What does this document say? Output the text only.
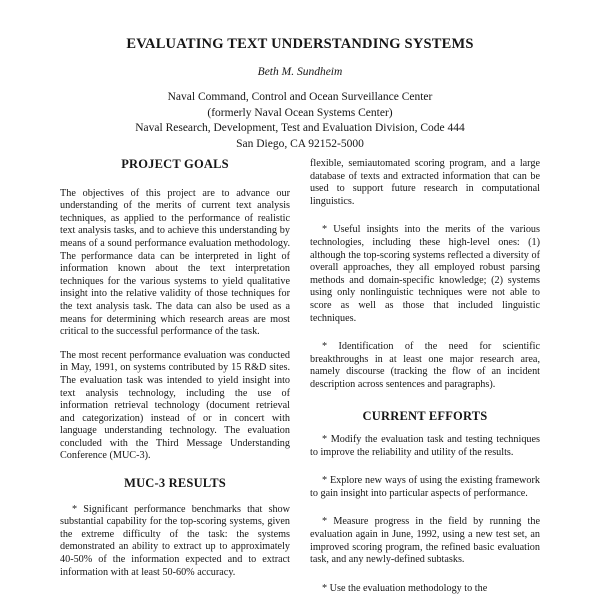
EVALUATING TEXT UNDERSTANDING SYSTEMS
Beth M. Sundheim
Naval Command, Control and Ocean Surveillance Center
(formerly Naval Ocean Systems Center)
Naval Research, Development, Test and Evaluation Division, Code 444
San Diego, CA 92152-5000
PROJECT GOALS

The objectives of this project are to advance our understanding of the merits of current text analysis techniques, as applied to the performance of realistic text analysis tasks, and to achieve this understanding by means of a sound performance evaluation methodology. The performance data can be interpreted in light of information known about the text interpretation techniques for the various systems to yield qualitative insight into the relative validity of those techniques for the text analysis task. The data can also be used as a means for determining which research areas are most critical to the successful performance of the task.

The most recent performance evaluation was conducted in May, 1991, on systems contributed by 15 R&D sites. The evaluation task was intended to yield insight into text analysis technology, including the use of information retrieval technology (document retrieval and categorization) instead of or in concert with language understanding technology. The evaluation concluded with the Third Message Understanding Conference (MUC-3).

MUC-3 RESULTS

* Significant performance benchmarks that show substantial capability for the top-scoring systems, given the extreme difficulty of the task: the systems demonstrated an ability to extract up to approximately 40-50% of the information expected and to extract information with at least 50-60% accuracy.

flexible, semiautomated scoring program, and a large database of texts and extracted information that can be used to support future research in computational linguistics.

* Useful insights into the merits of the various technologies, including these high-level ones: (1) although the top-scoring systems reflected a diversity of overall approaches, they all employed robust parsing methods and domain-specific knowledge; (2) systems using only nonlinguistic techniques were not able to score as well as those that included linguistic techniques.

* Identification of the need for scientific breakthroughs in at least one major research area, namely discourse (tracking the flow of an incident description across sentences and paragraphs).

CURRENT EFFORTS

* Modify the evaluation task and testing techniques to improve the reliability and utility of the results.

* Explore new ways of using the existing framework to gain insight into particular aspects of performance.

* Measure progress in the field by running the evaluation again in June, 1992, using a new test set, an improved scoring program, the refined basic evaluation task, and any newly-defined subtasks.

* Use the evaluation methodology to the
